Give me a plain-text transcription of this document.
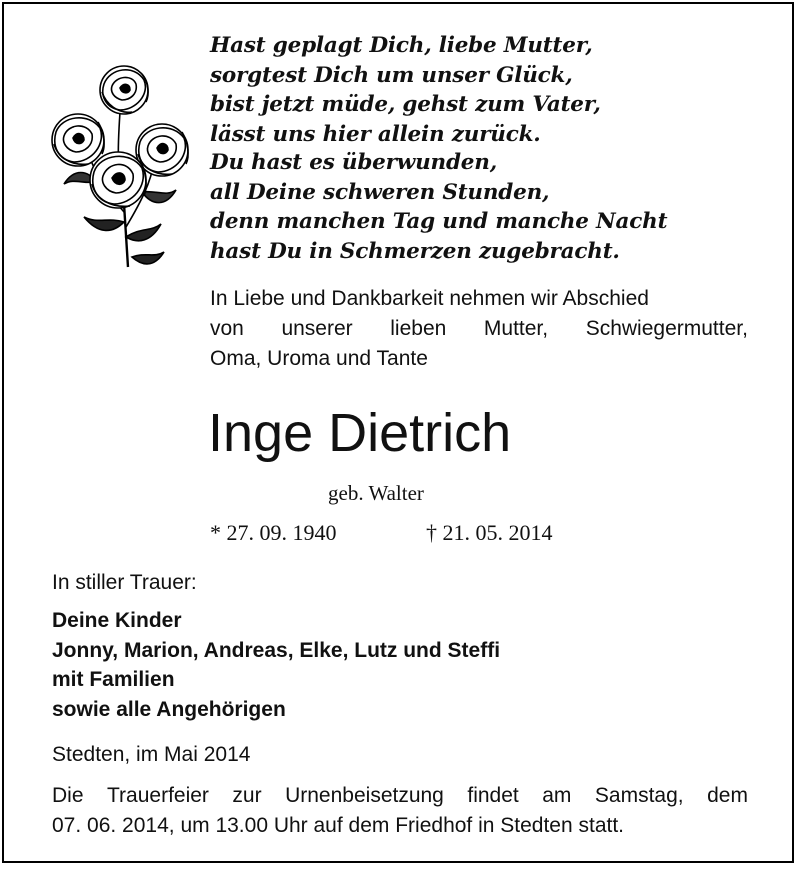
Hast geplagt Dich, liebe Mutter,
sorgtest Dich um unser Glück,
bist jetzt müde, gehst zum Vater,
lässt uns hier allein zurück.
Du hast es überwunden,
all Deine schweren Stunden,
denn manchen Tag und manche Nacht
hast Du in Schmerzen zugebracht.
In Liebe und Dankbarkeit nehmen wir Abschied
von unserer lieben Mutter, Schwiegermutter,
Oma, Uroma und Tante
Inge Dietrich
geb. Walter
* 27. 09. 1940	† 21. 05. 2014
In stiller Trauer:
Deine Kinder
Jonny, Marion, Andreas, Elke, Lutz und Steffi
mit Familien
sowie alle Angehörigen
Stedten, im Mai 2014
Die Trauerfeier zur Urnenbeisetzung findet am Samstag, dem
07. 06. 2014, um 13.00 Uhr auf dem Friedhof in Stedten statt.
